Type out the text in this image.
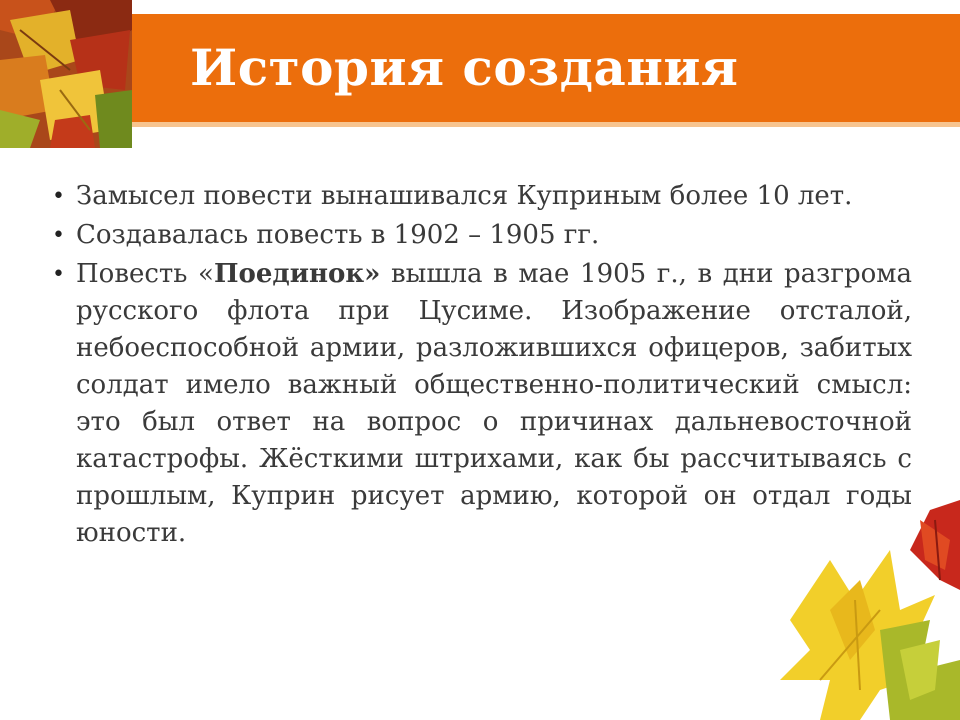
История создания
• Замысел повести вынашивался Куприным более 10 лет.
• Создавалась повесть в 1902 – 1905 гг.
• Повесть «Поединок» вышла в мае 1905 г., в дни разгрома русского флота при Цусиме. Изображение отсталой, небоеспособной армии, разложившихся офицеров, забитых солдат имело важный общественно-политический смысл: это был ответ на вопрос о причинах дальневосточной катастрофы. Жёсткими штрихами, как бы рассчитываясь с прошлым, Куприн рисует армию, которой он отдал годы юности.
